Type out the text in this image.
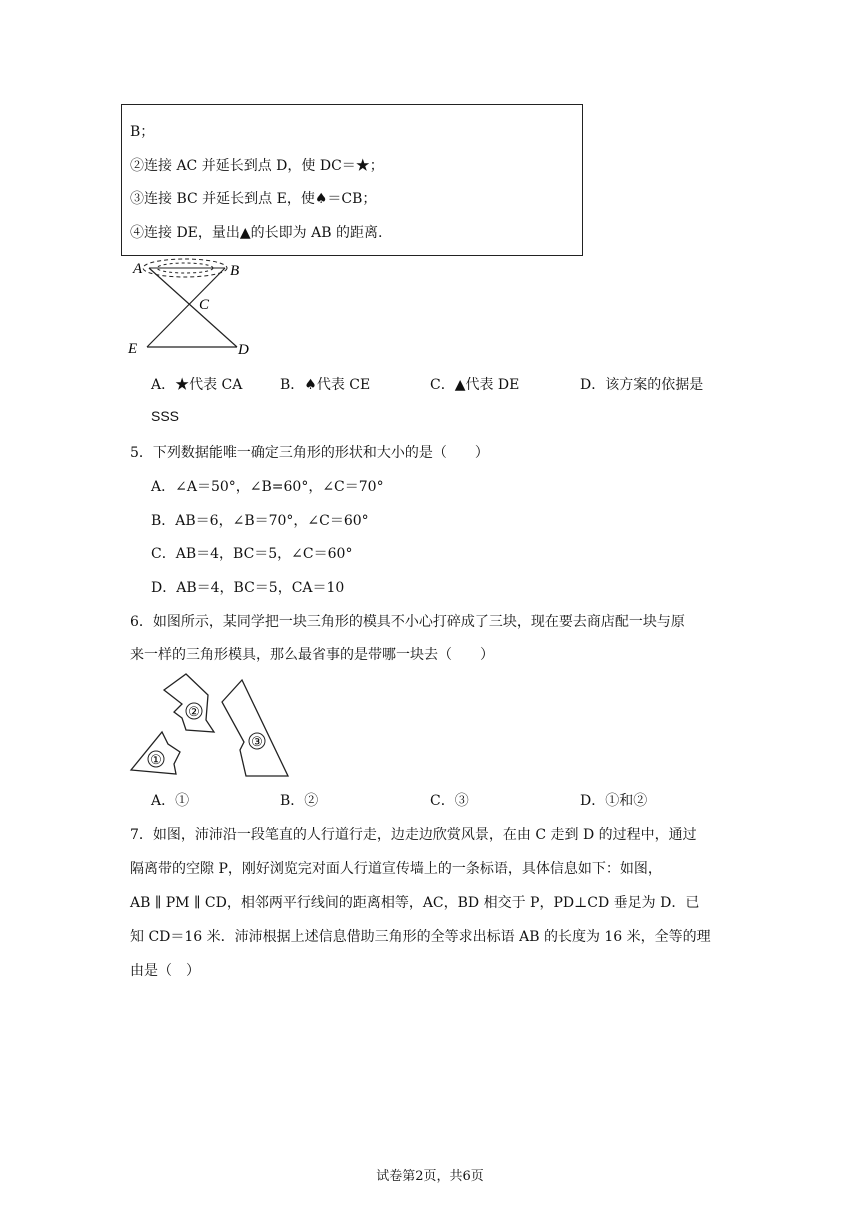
B；
②连接 AC 并延长到点 D，使 DC＝★；
③连接 BC 并延长到点 E，使♠＝CB；
④连接 DE，量出▲的长即为 AB 的距离.
A	B
C
E	D
A．★代表 CA	B．♠代表 CE	C．▲代表 DE	D．该方案的依据是
SSS
5．下列数据能唯一确定三角形的形状和大小的是（　　）
A．∠A＝50°，∠B=60°，∠C＝70°
B．AB＝6，∠B＝70°，∠C＝60°
C．AB＝4，BC＝5，∠C＝60°
D．AB＝4，BC＝5，CA＝10
6．如图所示，某同学把一块三角形的模具不小心打碎成了三块，现在要去商店配一块与原
来一样的三角形模具，那么最省事的是带哪一块去（　　）
①
②
③
A．①	B．②	C．③	D．①和②
7．如图，沛沛沿一段笔直的人行道行走，边走边欣赏风景，在由 C 走到 D 的过程中，通过
隔离带的空隙 P，刚好浏览完对面人行道宣传墙上的一条标语，具体信息如下：如图，
AB ∥ PM ∥ CD，相邻两平行线间的距离相等，AC，BD 相交于 P，PD⊥CD 垂足为 D．已
知 CD＝16 米．沛沛根据上述信息借助三角形的全等求出标语 AB 的长度为 16 米，全等的理
由是（　）
试卷第2页，共6页
